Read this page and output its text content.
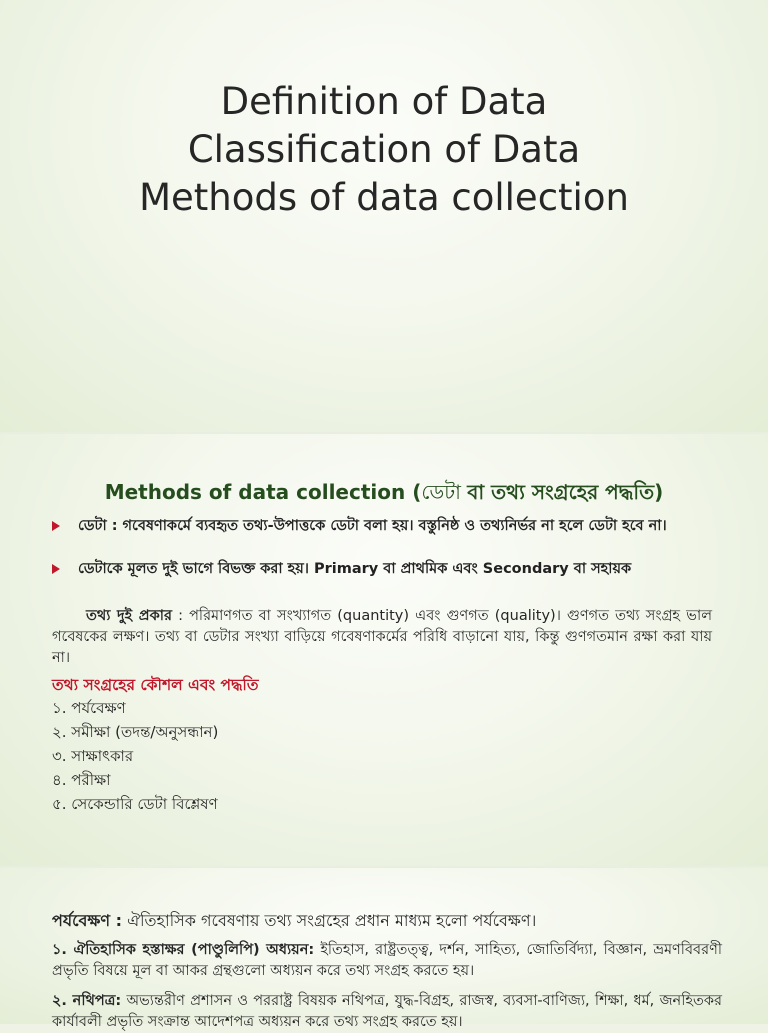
Definition of Data
Classification of Data
Methods of data collection
Methods of data collection (ডেটা বা তথ্য সংগ্রহের পদ্ধতি)
ডেটা : গবেষণাকর্মে ব্যবহৃত তথ্য-উপাত্তকে ডেটা বলা হয়। বস্তুনিষ্ঠ ও তথ্যনির্ভর না হলে ডেটা হবে না।
ডেটাকে মূলত দুই ভাগে বিভক্ত করা হয়। Primary বা প্রাথমিক এবং Secondary বা সহায়ক
তথ্য দুই প্রকার : পরিমাণগত বা সংখ্যাগত (quantity) এবং গুণগত (quality)। গুণগত তথ্য সংগ্রহ ভাল গবেষকের লক্ষণ। তথ্য বা ডেটার সংখ্যা বাড়িয়ে গবেষণাকর্মের পরিধি বাড়ানো যায়, কিন্তু গুণগতমান রক্ষা করা যায় না।
তথ্য সংগ্রহের কৌশল এবং পদ্ধতি
১. পর্যবেক্ষণ
২. সমীক্ষা (তদন্ত/অনুসন্ধান)
৩. সাক্ষাৎকার
৪. পরীক্ষা
৫. সেকেন্ডারি ডেটা বিশ্লেষণ
পর্যবেক্ষণ : ঐতিহাসিক গবেষণায় তথ্য সংগ্রহের প্রধান মাধ্যম হলো পর্যবেক্ষণ।
১. ঐতিহাসিক হস্তাক্ষর (পাণ্ডুলিপি) অধ্যয়ন: ইতিহাস, রাষ্ট্রতত্ত্ব, দর্শন, সাহিত্য, জোতির্বিদ্যা, বিজ্ঞান, ভ্রমণবিবরণী প্রভৃতি বিষয়ে মূল বা আকর গ্রন্থগুলো অধ্যয়ন করে তথ্য সংগ্রহ করতে হয়।
২. নথিপত্র: অভ্যন্তরীণ প্রশাসন ও পররাষ্ট্র বিষয়ক নথিপত্র, যুদ্ধ-বিগ্রহ, রাজস্ব, ব্যবসা-বাণিজ্য, শিক্ষা, ধর্ম, জনহিতকর কার্যাবলী প্রভৃতি সংক্রান্ত আদেশপত্র অধ্যয়ন করে তথ্য সংগ্রহ করতে হয়।
